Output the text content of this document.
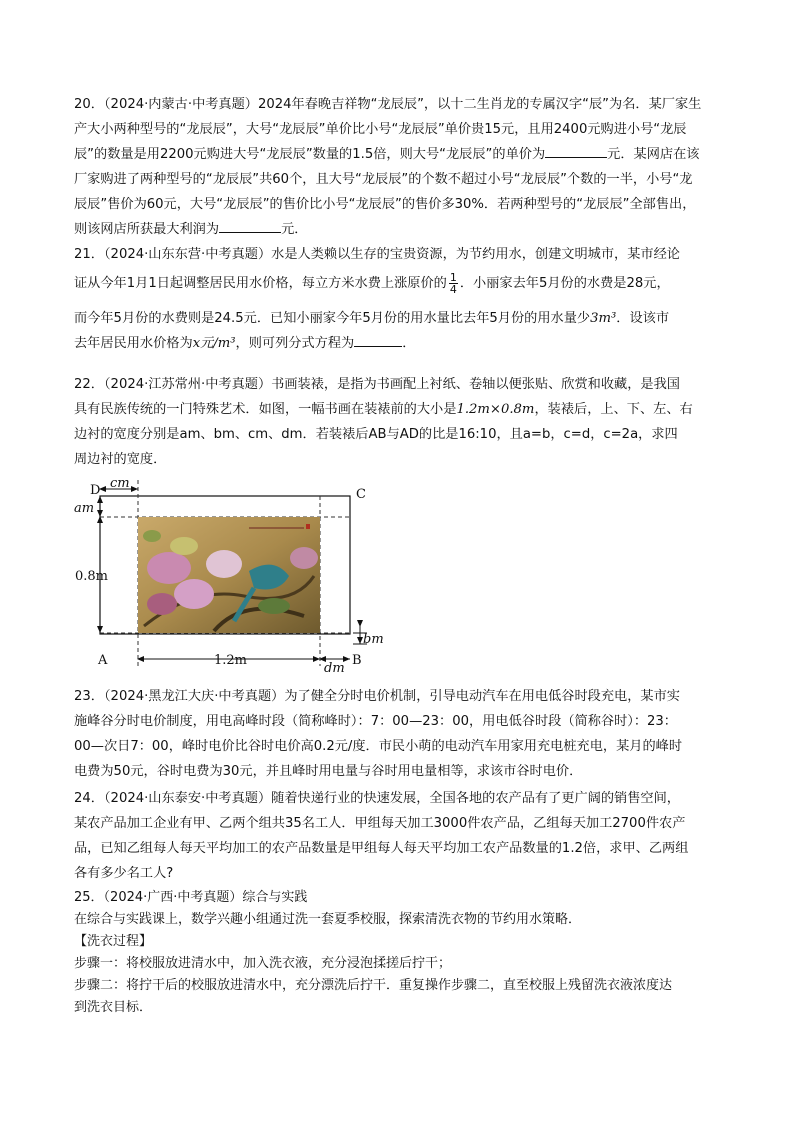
20．（2024·内蒙古·中考真题）2024年春晚吉祥物“龙辰辰”，以十二生肖龙的专属汉字“辰”为名．某厂家生
产大小两种型号的“龙辰辰”，大号“龙辰辰”单价比小号“龙辰辰”单价贵15元，且用2400元购进小号“龙辰
辰”的数量是用2200元购进大号“龙辰辰”数量的1.5倍，则大号“龙辰辰”的单价为	元．某网店在该
厂家购进了两种型号的“龙辰辰”共60个，且大号“龙辰辰”的个数不超过小号“龙辰辰”个数的一半，小号“龙
辰辰”售价为60元，大号“龙辰辰”的售价比小号“龙辰辰”的售价多30%．若两种型号的“龙辰辰”全部售出，
则该网店所获最大利润为	元．
21．（2024·山东东营·中考真题）水是人类赖以生存的宝贵资源，为节约用水，创建文明城市，某市经论
证从今年1月1日起调整居民用水价格，每立方米水费上涨原价的 $\frac{1}{4}$ ．小丽家去年5月份的水费是28元，
而今年5月份的水费则是24.5元．已知小丽家今年5月份的用水量比去年5月份的用水量少3m³．设该市
去年居民用水价格为x元/m³，则可列分式方程为	．
22．（2024·江苏常州·中考真题）书画装裱，是指为书画配上衬纸、卷轴以便张贴、欣赏和收藏，是我国
具有民族传统的一门特殊艺术．如图，一幅书画在装裱前的大小是1.2m×0.8m，装裱后，上、下、左、右
边衬的宽度分别是am、bm、cm、dm．若装裱后AB与AD的比是16:10，且a=b，c=d，c=2a，求四
周边衬的宽度．
D	C
A	B
cm
am
bm
dm
0.8m
1.2m
23．（2024·黑龙江大庆·中考真题）为了健全分时电价机制，引导电动汽车在用电低谷时段充电，某市实
施峰谷分时电价制度，用电高峰时段（简称峰时）：7：00—23：00，用电低谷时段（简称谷时）：23：
00—次日7：00，峰时电价比谷时电价高0.2元/度．市民小萌的电动汽车用家用充电桩充电，某月的峰时
电费为50元，谷时电费为30元，并且峰时用电量与谷时用电量相等，求该市谷时电价．
24．（2024·山东泰安·中考真题）随着快递行业的快速发展，全国各地的农产品有了更广阔的销售空间，
某农产品加工企业有甲、乙两个组共35名工人．甲组每天加工3000件农产品，乙组每天加工2700件农产
品，已知乙组每人每天平均加工的农产品数量是甲组每人每天平均加工农产品数量的1.2倍，求甲、乙两组
各有多少名工人?
25．（2024·广西·中考真题）综合与实践
在综合与实践课上，数学兴趣小组通过洗一套夏季校服，探索清洗衣物的节约用水策略．
【洗衣过程】
步骤一：将校服放进清水中，加入洗衣液，充分浸泡揉搓后拧干；
步骤二：将拧干后的校服放进清水中，充分漂洗后拧干．重复操作步骤二，直至校服上残留洗衣液浓度达
到洗衣目标．
